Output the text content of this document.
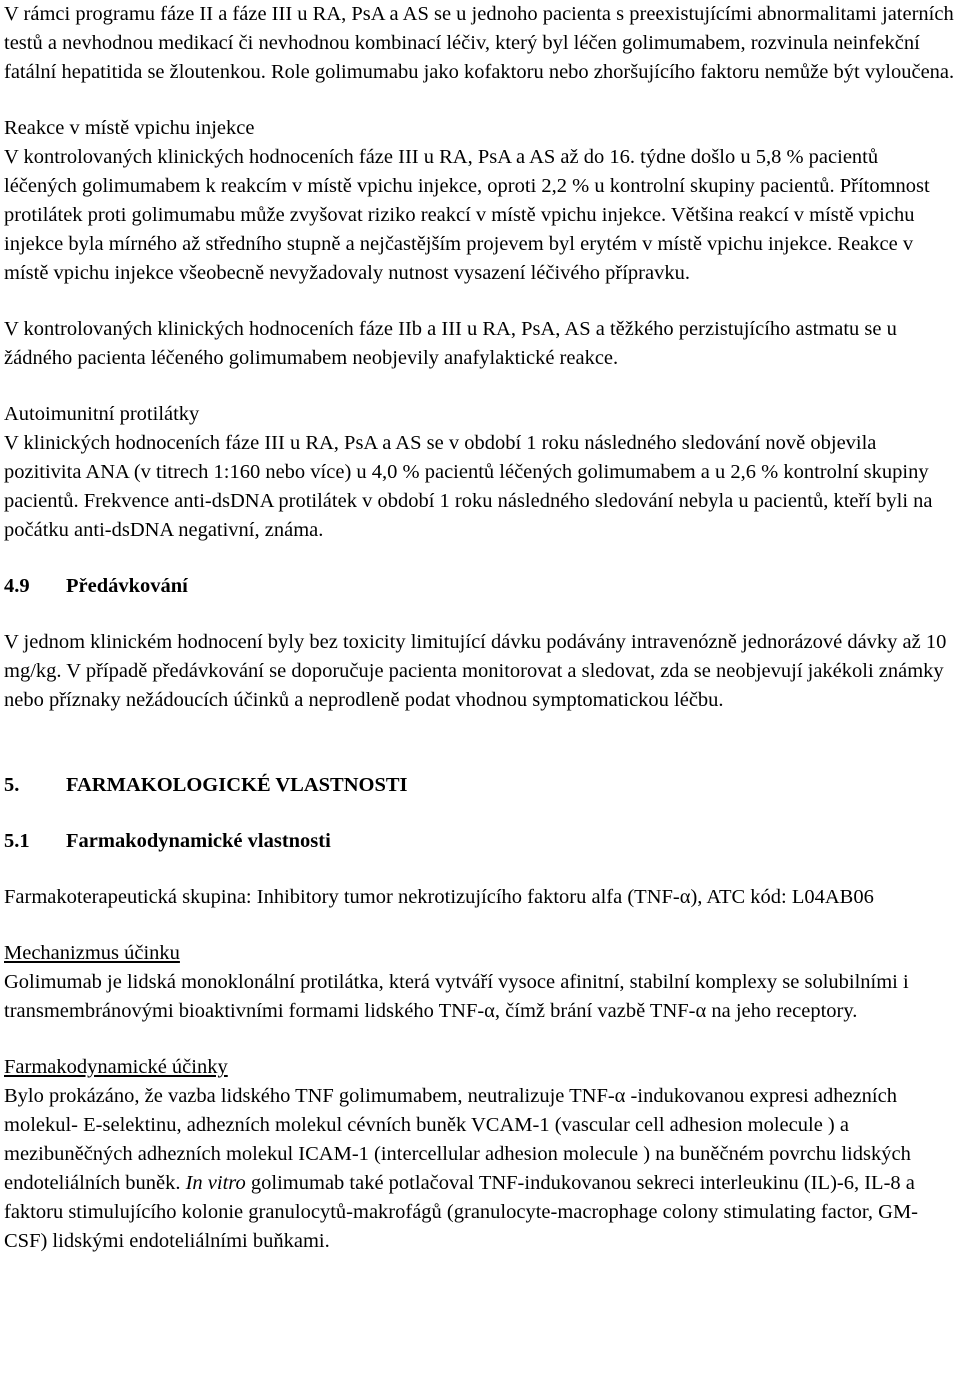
V rámci programu fáze II a fáze III u RA, PsA a AS se u jednoho pacienta s preexistujícími abnormalitami jaterních testů a nevhodnou medikací či nevhodnou kombinací léčiv, který byl léčen golimumabem, rozvinula neinfekční fatální hepatitida se žloutenkou. Role golimumabu jako kofaktoru nebo zhoršujícího faktoru nemůže být vyloučena.

Reakce v místě vpichu injekce
V kontrolovaných klinických hodnoceních fáze III u RA, PsA a AS až do 16. týdne došlo u 5,8 % pacientů léčených golimumabem k reakcím v místě vpichu injekce, oproti 2,2 % u kontrolní skupiny pacientů. Přítomnost protilátek proti golimumabu může zvyšovat riziko reakcí v místě vpichu injekce. Většina reakcí v místě vpichu injekce byla mírného až středního stupně a nejčastějším projevem byl erytém v místě vpichu injekce. Reakce v místě vpichu injekce všeobecně nevyžadovaly nutnost vysazení léčivého přípravku.

V kontrolovaných klinických hodnoceních fáze IIb a III u RA, PsA, AS a těžkého perzistujícího astmatu se u žádného pacienta léčeného golimumabem neobjevily anafylaktické reakce.

Autoimunitní protilátky
V klinických hodnoceních fáze III u RA, PsA a AS se v období 1 roku následného sledování nově objevila pozitivita ANA (v titrech 1:160 nebo více) u 4,0 % pacientů léčených golimumabem a u 2,6 % kontrolní skupiny pacientů. Frekvence anti-dsDNA protilátek v období 1 roku následného sledování nebyla u pacientů, kteří byli na počátku anti-dsDNA negativní, známa.

4.9 Předávkování

V jednom klinickém hodnocení byly bez toxicity limitující dávku podávány intravenózně jednorázové dávky až 10 mg/kg. V případě předávkování se doporučuje pacienta monitorovat a sledovat, zda se neobjevují jakékoli známky nebo příznaky nežádoucích účinků a neprodleně podat vhodnou symptomatickou léčbu.

5. FARMAKOLOGICKÉ VLASTNOSTI

5.1 Farmakodynamické vlastnosti

Farmakoterapeutická skupina: Inhibitory tumor nekrotizujícího faktoru alfa (TNF-α), ATC kód: L04AB06

Mechanizmus účinku
Golimumab je lidská monoklonální protilátka, která vytváří vysoce afinitní, stabilní komplexy se solubilními i transmembránovými bioaktivními formami lidského TNF-α, čímž brání vazbě TNF-α na jeho receptory.

Farmakodynamické účinky
Bylo prokázáno, že vazba lidského TNF golimumabem, neutralizuje TNF-α -indukovanou expresi adhezních molekul- E-selektinu, adhezních molekul cévních buněk VCAM-1 (vascular cell adhesion molecule ) a mezibuněčných adhezních molekul ICAM-1 (intercellular adhesion molecule ) na buněčném povrchu lidských endoteliálních buněk. In vitro golimumab také potlačoval TNF-indukovanou sekreci interleukinu (IL)-6, IL-8 a faktoru stimulujícího kolonie granulocytů-makrofágů (granulocyte-macrophage colony stimulating factor, GM-CSF) lidskými endoteliálními buňkami.
